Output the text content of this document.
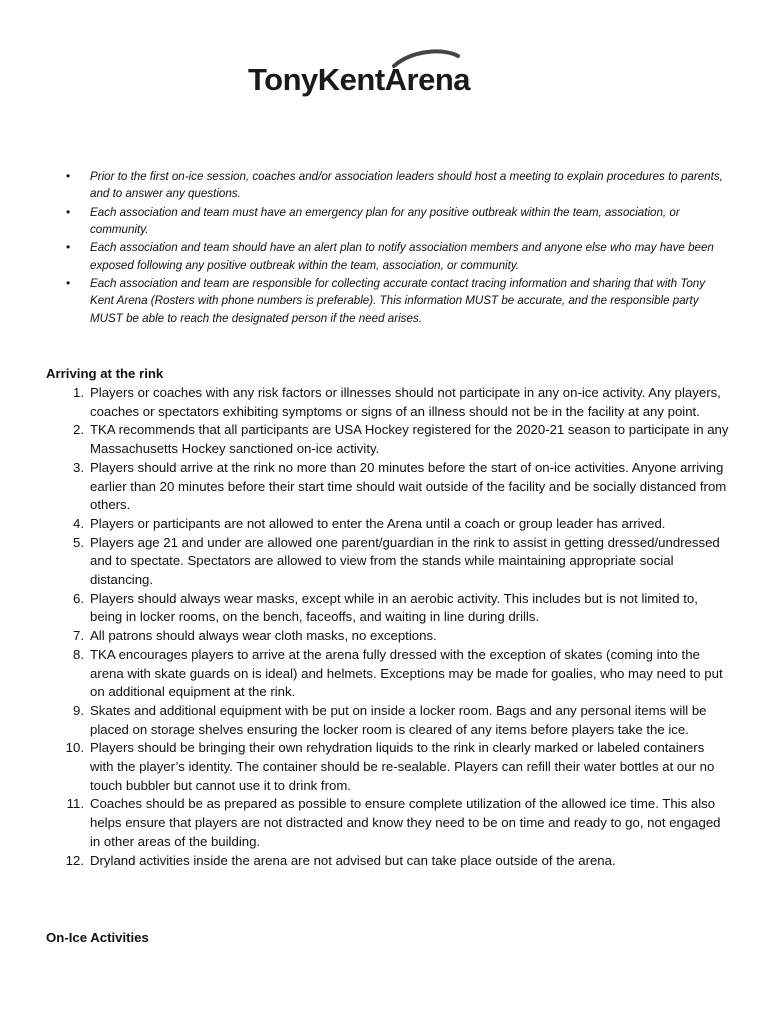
TonyKentArena
• Prior to the first on-ice session, coaches and/or association leaders should host a meeting to explain procedures to parents, and to answer any questions.
• Each association and team must have an emergency plan for any positive outbreak within the team, association, or community.
• Each association and team should have an alert plan to notify association members and anyone else who may have been exposed following any positive outbreak within the team, association, or community.
• Each association and team are responsible for collecting accurate contact tracing information and sharing that with Tony Kent Arena (Rosters with phone numbers is preferable). This information MUST be accurate, and the responsible party MUST be able to reach the designated person if the need arises.
Arriving at the rink
1. Players or coaches with any risk factors or illnesses should not participate in any on-ice activity. Any players, coaches or spectators exhibiting symptoms or signs of an illness should not be in the facility at any point.
2. TKA recommends that all participants are USA Hockey registered for the 2020-21 season to participate in any Massachusetts Hockey sanctioned on-ice activity.
3. Players should arrive at the rink no more than 20 minutes before the start of on-ice activities. Anyone arriving earlier than 20 minutes before their start time should wait outside of the facility and be socially distanced from others.
4. Players or participants are not allowed to enter the Arena until a coach or group leader has arrived.
5. Players age 21 and under are allowed one parent/guardian in the rink to assist in getting dressed/undressed and to spectate. Spectators are allowed to view from the stands while maintaining appropriate social distancing.
6. Players should always wear masks, except while in an aerobic activity. This includes but is not limited to, being in locker rooms, on the bench, faceoffs, and waiting in line during drills.
7. All patrons should always wear cloth masks, no exceptions.
8. TKA encourages players to arrive at the arena fully dressed with the exception of skates (coming into the arena with skate guards on is ideal) and helmets. Exceptions may be made for goalies, who may need to put on additional equipment at the rink.
9. Skates and additional equipment with be put on inside a locker room. Bags and any personal items will be placed on storage shelves ensuring the locker room is cleared of any items before players take the ice.
10. Players should be bringing their own rehydration liquids to the rink in clearly marked or labeled containers with the player’s identity. The container should be re-sealable. Players can refill their water bottles at our no touch bubbler but cannot use it to drink from.
11. Coaches should be as prepared as possible to ensure complete utilization of the allowed ice time. This also helps ensure that players are not distracted and know they need to be on time and ready to go, not engaged in other areas of the building.
12. Dryland activities inside the arena are not advised but can take place outside of the arena.
On-Ice Activities
